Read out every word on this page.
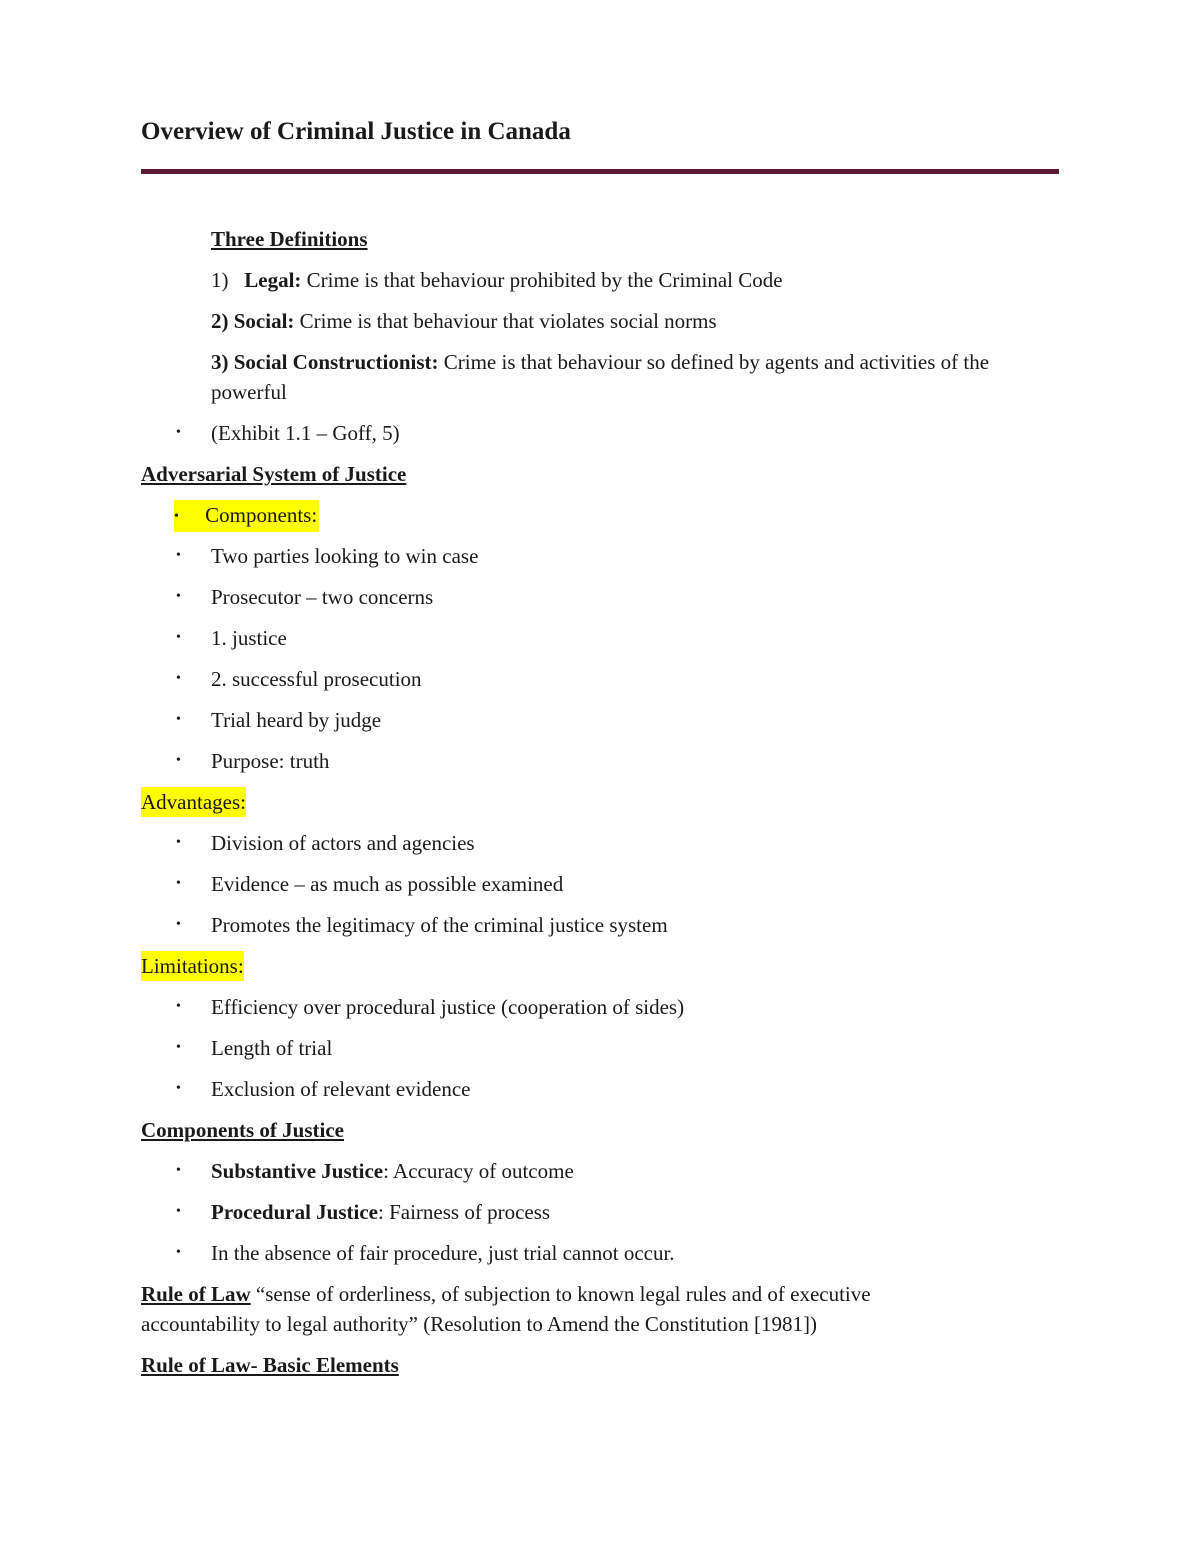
Overview of Criminal Justice in Canada
Three Definitions
1) Legal: Crime is that behaviour prohibited by the Criminal Code
2) Social: Crime is that behaviour that violates social norms
3) Social Constructionist: Crime is that behaviour so defined by agents and activities of the powerful
• (Exhibit 1.1 – Goff, 5)
Adversarial System of Justice
• Components:
• Two parties looking to win case
• Prosecutor – two concerns
• 1. justice
• 2. successful prosecution
• Trial heard by judge
• Purpose: truth
Advantages:
• Division of actors and agencies
• Evidence – as much as possible examined
• Promotes the legitimacy of the criminal justice system
Limitations:
• Efficiency over procedural justice (cooperation of sides)
• Length of trial
• Exclusion of relevant evidence
Components of Justice
• Substantive Justice: Accuracy of outcome
• Procedural Justice: Fairness of process
• In the absence of fair procedure, just trial cannot occur.
Rule of Law “sense of orderliness, of subjection to known legal rules and of executive
accountability to legal authority” (Resolution to Amend the Constitution [1981])
Rule of Law- Basic Elements
